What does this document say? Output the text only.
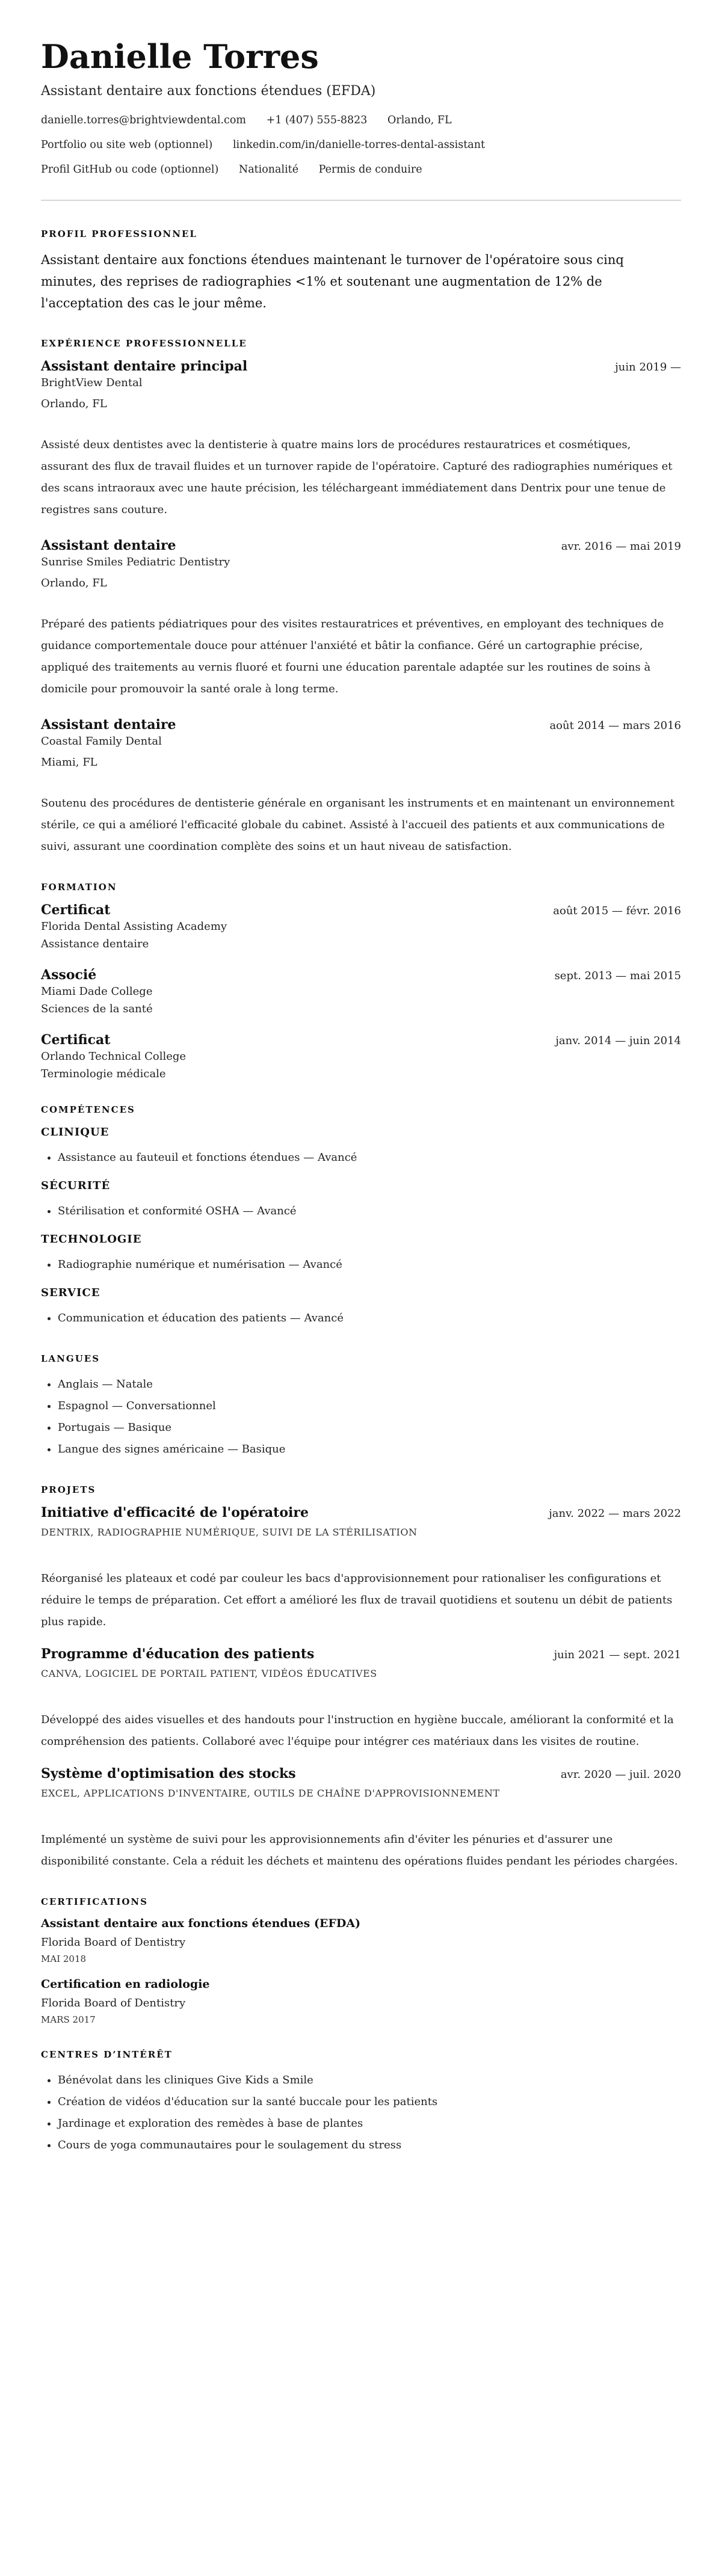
Danielle Torres
Assistant dentaire aux fonctions étendues (EFDA)
danielle.torres@brightviewdental.com +1 (407) 555-8823 Orlando, FL
Portfolio ou site web (optionnel) linkedin.com/in/danielle-torres-dental-assistant
Profil GitHub ou code (optionnel) Nationalité Permis de conduire
PROFIL PROFESSIONNEL

Assistant dentaire aux fonctions étendues maintenant le turnover de l'opératoire sous cinq minutes, des reprises de radiographies <1% et soutenant une augmentation de 12% de l'acceptation des cas le jour même.

EXPÉRIENCE PROFESSIONNELLE
Assistant dentaire principal	juin 2019 —
BrightView Dental
Orlando, FL
Assisté deux dentistes avec la dentisterie à quatre mains lors de procédures restauratrices et cosmétiques, assurant des flux de travail fluides et un turnover rapide de l'opératoire. Capturé des radiographies numériques et des scans intraoraux avec une haute précision, les téléchargeant immédiatement dans Dentrix pour une tenue de registres sans couture.
Assistant dentaire	avr. 2016 — mai 2019
Sunrise Smiles Pediatric Dentistry
Orlando, FL
Préparé des patients pédiatriques pour des visites restauratrices et préventives, en employant des techniques de guidance comportementale douce pour atténuer l'anxiété et bâtir la confiance. Géré un cartographie précise, appliqué des traitements au vernis fluoré et fourni une éducation parentale adaptée sur les routines de soins à domicile pour promouvoir la santé orale à long terme.
Assistant dentaire	août 2014 — mars 2016
Coastal Family Dental
Miami, FL
Soutenu des procédures de dentisterie générale en organisant les instruments et en maintenant un environnement stérile, ce qui a amélioré l'efficacité globale du cabinet. Assisté à l'accueil des patients et aux communications de suivi, assurant une coordination complète des soins et un haut niveau de satisfaction.
FORMATION
Certificat	août 2015 — févr. 2016
Florida Dental Assisting Academy
Assistance dentaire
Associé	sept. 2013 — mai 2015
Miami Dade College
Sciences de la santé
Certificat	janv. 2014 — juin 2014
Orlando Technical College
Terminologie médicale
COMPÉTENCES
CLINIQUE
• Assistance au fauteuil et fonctions étendues — Avancé
SÉCURITÉ
• Stérilisation et conformité OSHA — Avancé
TECHNOLOGIE
• Radiographie numérique et numérisation — Avancé
SERVICE
• Communication et éducation des patients — Avancé
LANGUES
• Anglais — Natale
• Espagnol — Conversationnel
• Portugais — Basique
• Langue des signes américaine — Basique
PROJETS
Initiative d'efficacité de l'opératoire	janv. 2022 — mars 2022
DENTRIX, RADIOGRAPHIE NUMÉRIQUE, SUIVI DE LA STÉRILISATION
Réorganisé les plateaux et codé par couleur les bacs d'approvisionnement pour rationaliser les configurations et réduire le temps de préparation. Cet effort a amélioré les flux de travail quotidiens et soutenu un débit de patients plus rapide.
Programme d'éducation des patients	juin 2021 — sept. 2021
CANVA, LOGICIEL DE PORTAIL PATIENT, VIDÉOS ÉDUCATIVES
Développé des aides visuelles et des handouts pour l'instruction en hygiène buccale, améliorant la conformité et la compréhension des patients. Collaboré avec l'équipe pour intégrer ces matériaux dans les visites de routine.
Système d'optimisation des stocks	avr. 2020 — juil. 2020
EXCEL, APPLICATIONS D'INVENTAIRE, OUTILS DE CHAÎNE D'APPROVISIONNEMENT
Implémenté un système de suivi pour les approvisionnements afin d'éviter les pénuries et d'assurer une disponibilité constante. Cela a réduit les déchets et maintenu des opérations fluides pendant les périodes chargées.
CERTIFICATIONS
Assistant dentaire aux fonctions étendues (EFDA)
Florida Board of Dentistry
MAI 2018
Certification en radiologie
Florida Board of Dentistry
MARS 2017
CENTRES D’INTÉRÊT
• Bénévolat dans les cliniques Give Kids a Smile
• Création de vidéos d'éducation sur la santé buccale pour les patients
• Jardinage et exploration des remèdes à base de plantes
• Cours de yoga communautaires pour le soulagement du stress
